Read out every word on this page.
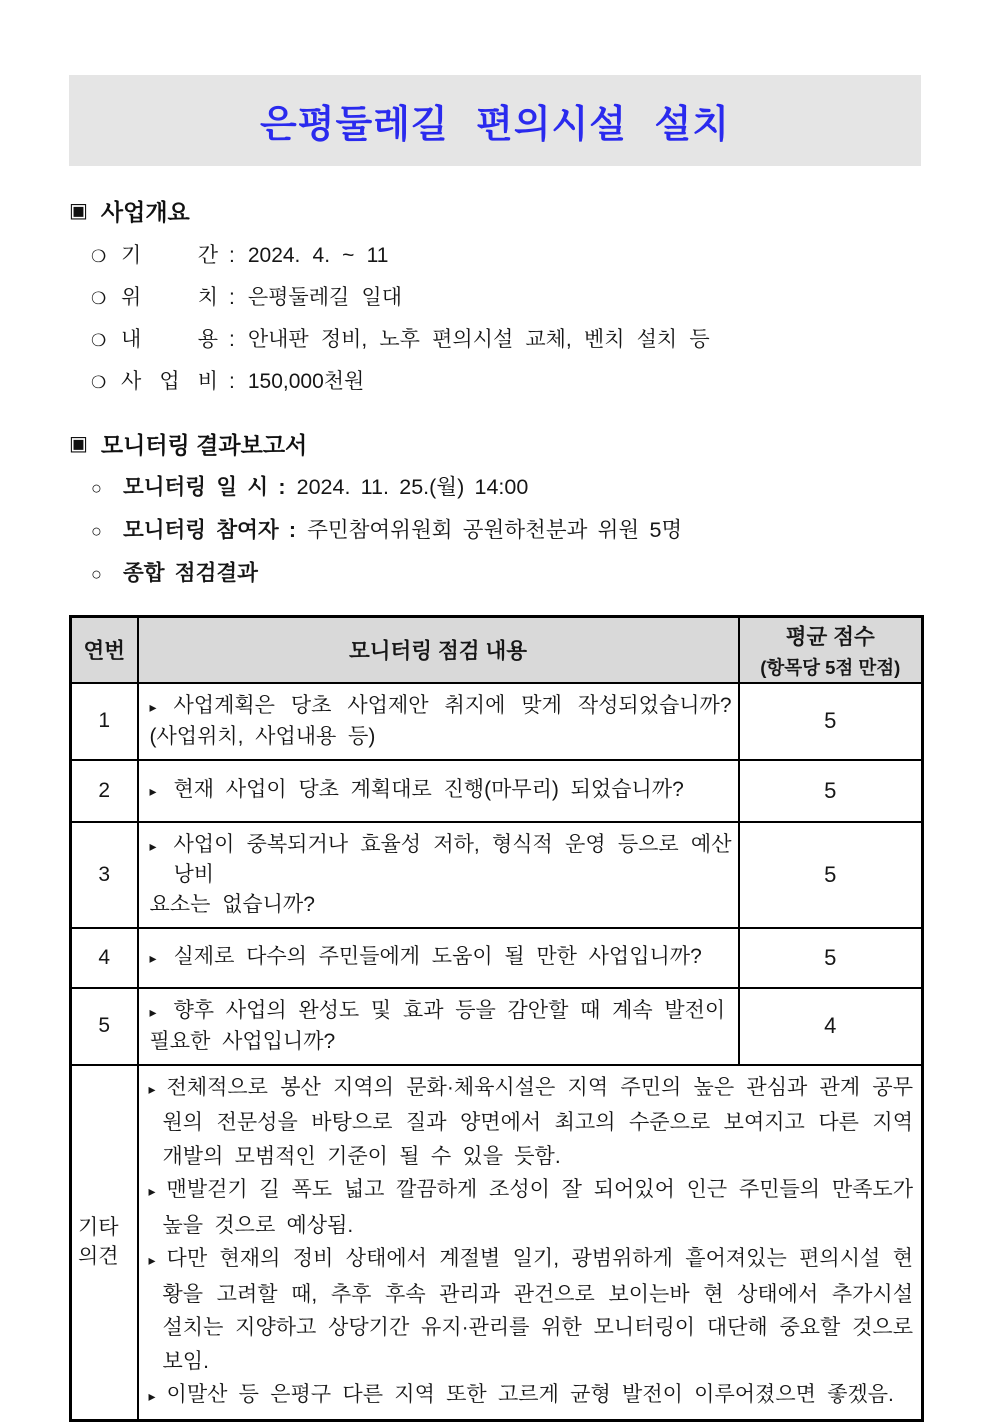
은평둘레길 편의시설 설치
▣ 사업개요
❍ 기 간 : 2024. 4. ~ 11
❍ 위 치 : 은평둘레길 일대
❍ 내 용 : 안내판 정비, 노후 편의시설 교체, 벤치 설치 등
❍ 사 업 비 : 150,000천원
▣ 모니터링 결과보고서
○ 모니터링 일 시 : 2024. 11. 25.(월) 14:00
○ 모니터링 참여자 : 주민참여위원회 공원하천분과 위원 5명
○ 종합 점검결과
연번	모니터링 점검 내용	평균 점수
(항목당 5점 만점)

1	▸ 사업계획은 당초 사업제안 취지에 맞게 작성되었습니까?
(사업위치, 사업내용 등)	5
2	▸ 현재 사업이 당초 계획대로 진행(마무리) 되었습니까?	5
3	▸ 사업이 중복되거나 효율성 저하, 형식적 운영 등으로 예산낭비
요소는 없습니까?	5
4	▸ 실제로 다수의 주민들에게 도움이 될 만한 사업입니까?	5
5	▸ 향후 사업의 완성도 및 효과 등을 감안할 때 계속 발전이
필요한 사업입니까?	4

기타
의견

▸ 전체적으로 봉산 지역의 문화·체육시설은 지역 주민의 높은 관심과 관계 공무원의 전문성을 바탕으로 질과 양면에서 최고의 수준으로 보여지고 다른 지역 개발의 모범적인 기준이 될 수 있을 듯함.
▸ 맨발걷기 길 폭도 넓고 깔끔하게 조성이 잘 되어있어 인근 주민들의 만족도가 높을 것으로 예상됨.
▸ 다만 현재의 정비 상태에서 계절별 일기, 광범위하게 흩어져있는 편의시설 현황을 고려할 때, 추후 후속 관리과 관건으로 보이는바 현 상태에서 추가시설 설치는 지양하고 상당기간 유지·관리를 위한 모니터링이 대단해 중요할 것으로 보임.
▸ 이말산 등 은평구 다른 지역 또한 고르게 균형 발전이 이루어졌으면 좋겠음.
